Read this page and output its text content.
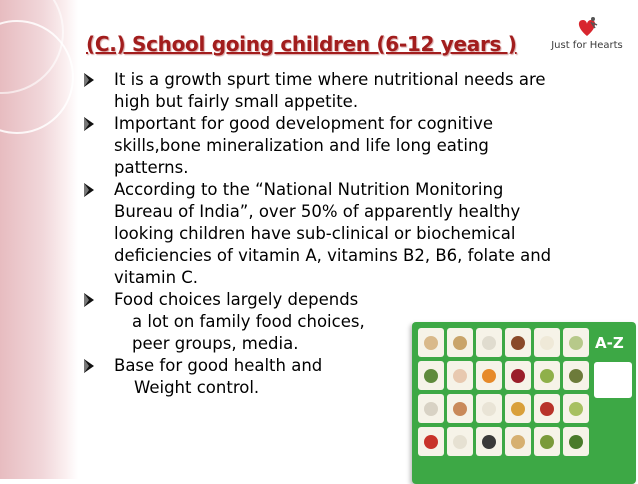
(C.) School going children (6-12 years )	Just for Hearts
It is a growth spurt time where nutritional needs are
high but fairly small appetite.
Important for good development for cognitive
skills,bone mineralization and life long eating
patterns.
According to the “National Nutrition Monitoring
Bureau of India”, over 50% of apparently healthy
looking children have sub-clinical or biochemical
deficiencies of vitamin A, vitamins B2, B6, folate and
vitamin C.
Food choices largely depends
a lot on family food choices,
peer groups, media.
Base for good health and
Weight control.
A-Z
